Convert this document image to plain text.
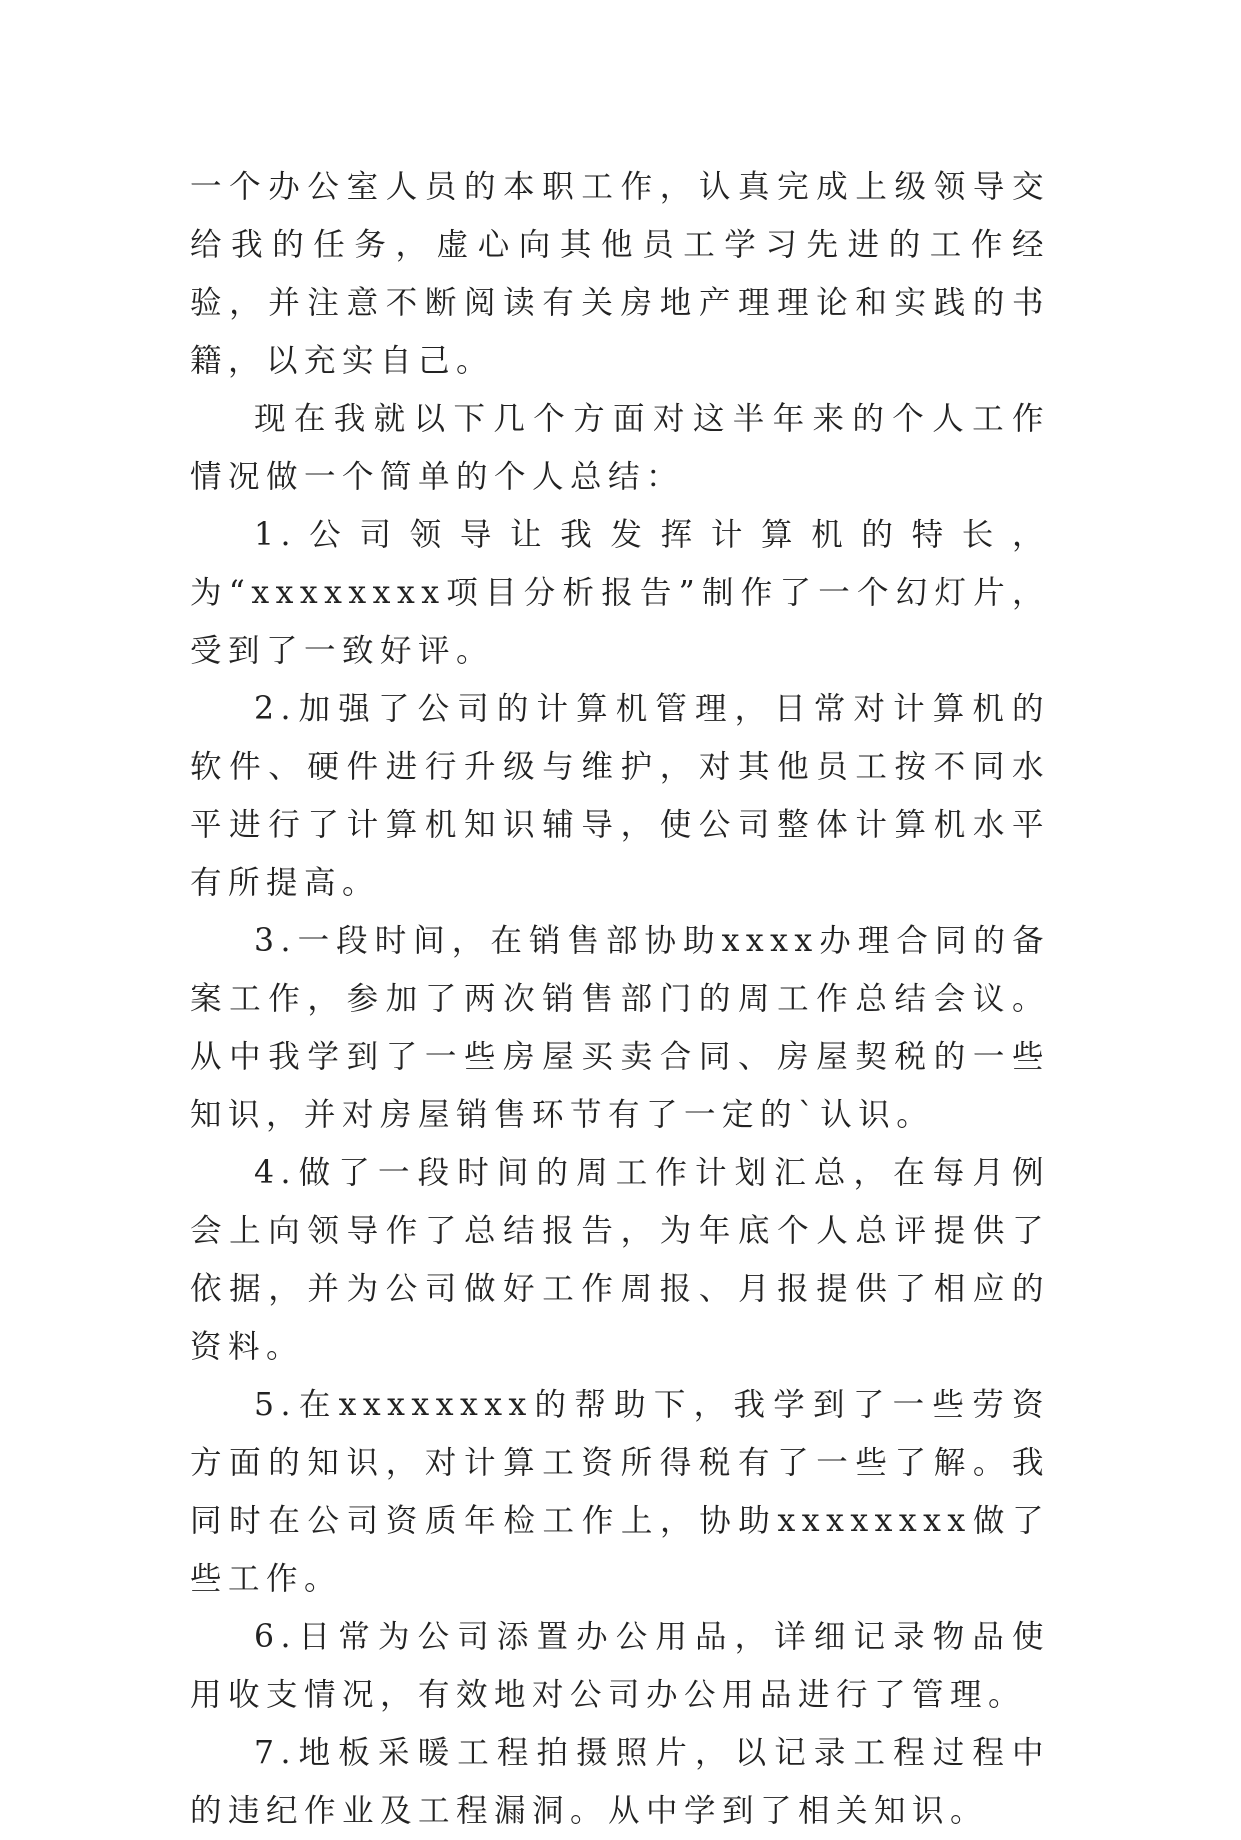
一个办公室人员的本职工作，认真完成上级领导交给我的任务，虚心向其他员工学习先进的工作经验，并注意不断阅读有关房地产理理论和实践的书籍，以充实自己。

现在我就以下几个方面对这半年来的个人工作情况做一个简单的个人总结：

1.公司领导让我发挥计算机的特长，为“xxxxxxxx项目分析报告”制作了一个幻灯片，受到了一致好评。

2.加强了公司的计算机管理，日常对计算机的软件、硬件进行升级与维护，对其他员工按不同水平进行了计算机知识辅导，使公司整体计算机水平有所提高。

3.一段时间，在销售部协助xxxx办理合同的备案工作，参加了两次销售部门的周工作总结会议。从中我学到了一些房屋买卖合同、房屋契税的一些知识，并对房屋销售环节有了一定的`认识。

4.做了一段时间的周工作计划汇总，在每月例会上向领导作了总结报告，为年底个人总评提供了依据，并为公司做好工作周报、月报提供了相应的资料。

5.在xxxxxxxx的帮助下，我学到了一些劳资方面的知识，对计算工资所得税有了一些了解。我同时在公司资质年检工作上，协助xxxxxxxx做了些工作。

6.日常为公司添置办公用品，详细记录物品使用收支情况，有效地对公司办公用品进行了管理。

7.地板采暖工程拍摄照片，以记录工程过程中的违纪作业及工程漏洞。从中学到了相关知识。
